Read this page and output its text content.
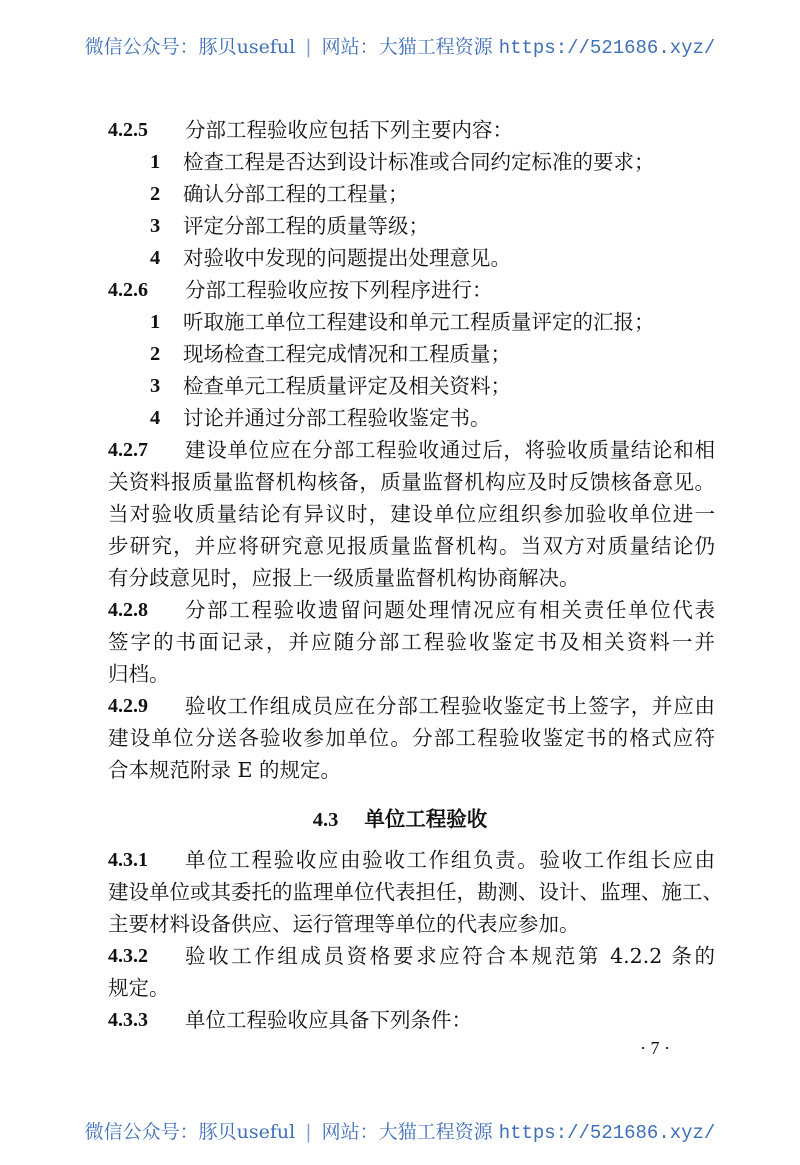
微信公众号：豚贝useful | 网站：大猫工程资源 https://521686.xyz/
4.2.5	分部工程验收应包括下列主要内容：
1	检查工程是否达到设计标准或合同约定标准的要求；
2	确认分部工程的工程量；
3	评定分部工程的质量等级；
4	对验收中发现的问题提出处理意见。
4.2.6	分部工程验收应按下列程序进行：
1	听取施工单位工程建设和单元工程质量评定的汇报；
2	现场检查工程完成情况和工程质量；
3	检查单元工程质量评定及相关资料；
4	讨论并通过分部工程验收鉴定书。
4.2.7	建设单位应在分部工程验收通过后，将验收质量结论和相
关资料报质量监督机构核备，质量监督机构应及时反馈核备意见。
当对验收质量结论有异议时，建设单位应组织参加验收单位进一
步研究，并应将研究意见报质量监督机构。当双方对质量结论仍
有分歧意见时，应报上一级质量监督机构协商解决。
4.2.8	分部工程验收遗留问题处理情况应有相关责任单位代表
签字的书面记录，并应随分部工程验收鉴定书及相关资料一并
归档。
4.2.9	验收工作组成员应在分部工程验收鉴定书上签字，并应由
建设单位分送各验收参加单位。分部工程验收鉴定书的格式应符
合本规范附录 E 的规定。
4.3.1	单位工程验收应由验收工作组负责。验收工作组长应由
建设单位或其委托的监理单位代表担任，勘测、设计、监理、施工、
主要材料设备供应、运行管理等单位的代表应参加。
4.3.2	验收工作组成员资格要求应符合本规范第 4.2.2 条的
规定。
4.3.3	单位工程验收应具备下列条件：
4.3 单位工程验收
· 7 ·
微信公众号：豚贝useful | 网站：大猫工程资源 https://521686.xyz/
